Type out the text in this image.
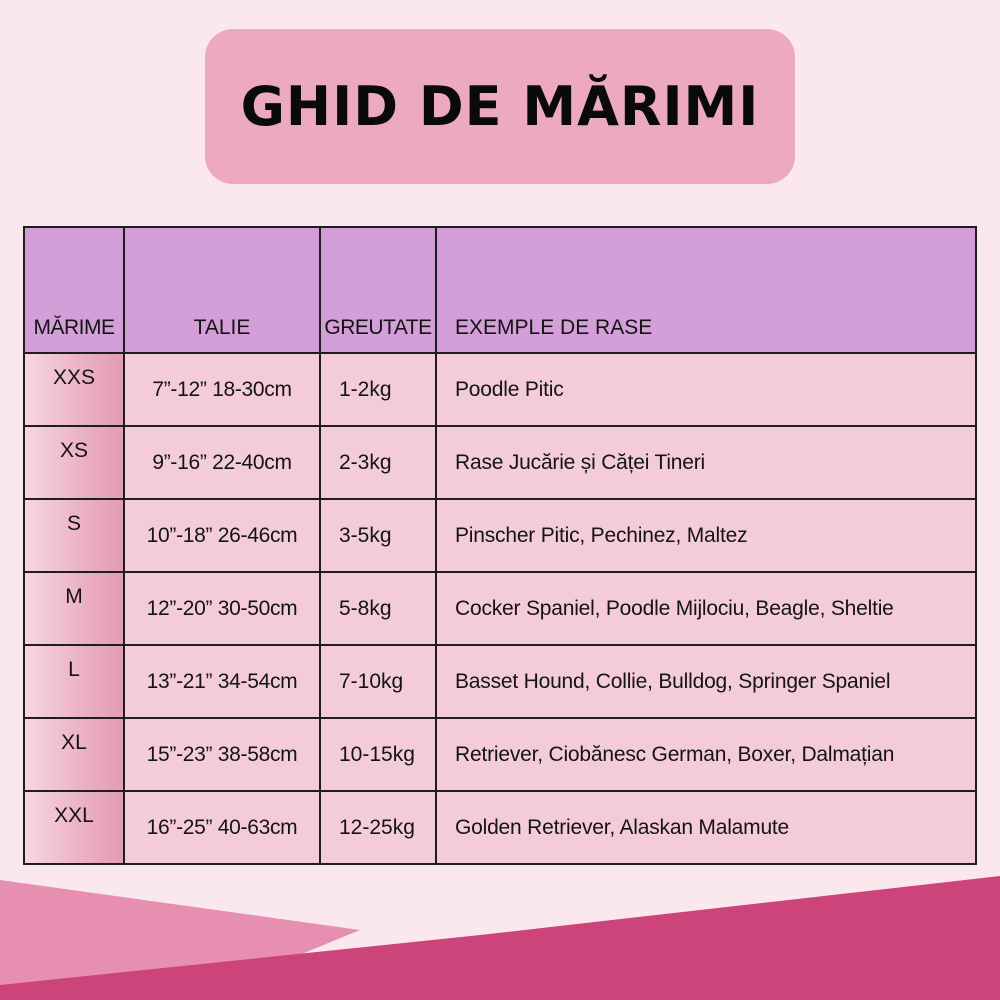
GHID DE MĂRIMI
MĂRIME	TALIE	GREUTATE	EXEMPLE DE RASE
XXS	7”-12” 18-30cm	1-2kg	Poodle Pitic
XS	9”-16” 22-40cm	2-3kg	Rase Jucărie și Căței Tineri
S	10”-18” 26-46cm	3-5kg	Pinscher Pitic, Pechinez, Maltez
M	12”-20” 30-50cm	5-8kg	Cocker Spaniel, Poodle Mijlociu, Beagle, Sheltie
L	13”-21” 34-54cm	7-10kg	Basset Hound, Collie, Bulldog, Springer Spaniel
XL	15”-23” 38-58cm	10-15kg	Retriever, Ciobănesc German, Boxer, Dalmațian
XXL	16”-25” 40-63cm	12-25kg	Golden Retriever, Alaskan Malamute
